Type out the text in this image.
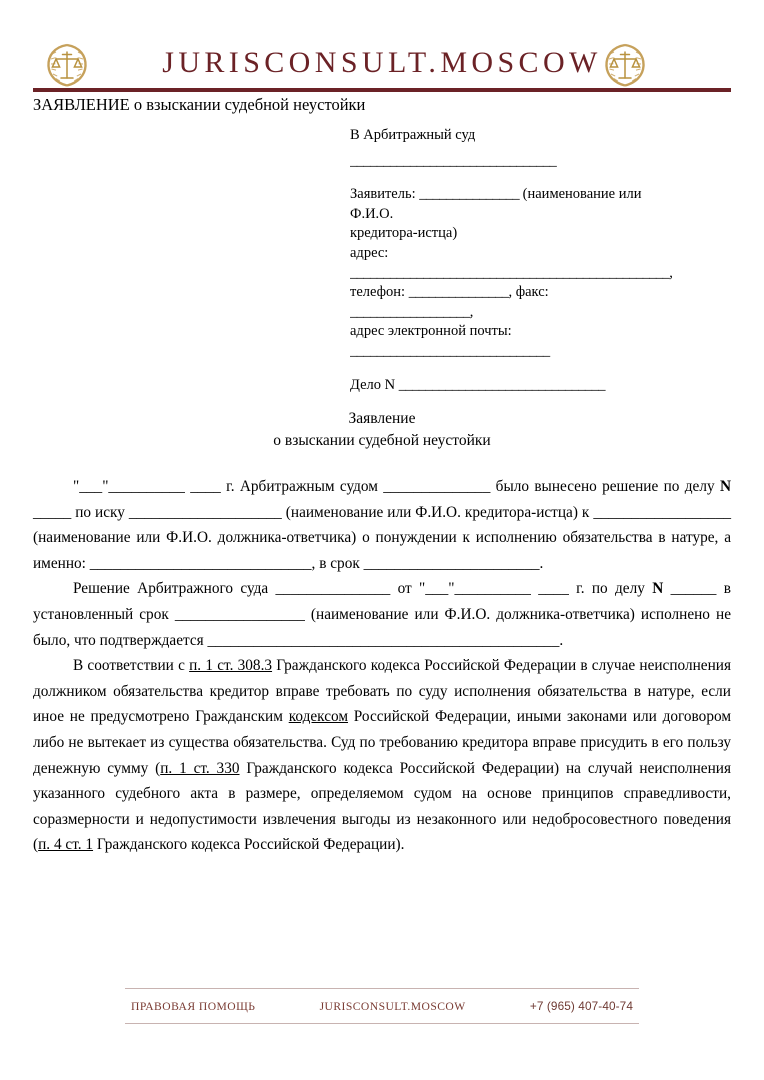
JURISCONSULT.MOSCOW
ЗАЯВЛЕНИЕ о взыскании судебной неустойки
В Арбитражный суд
_______________________________
Заявитель: _______________ (наименование или
Ф.И.О.
кредитора-истца)
адрес:
________________________________________________,
телефон: _______________, факс:
__________________,
адрес электронной почты:
______________________________
Дело N _______________________________
Заявление
о взыскании судебной неустойки

"___"__________ ____ г. Арбитражным судом ______________ было вынесено решение по делу N _____ по иску ____________________ (наименование или Ф.И.О. кредитора-истца) к __________________ (наименование или Ф.И.О. должника-ответчика) о понуждении к исполнению обязательства в натуре, а именно: _____________________________, в срок _______________________.

Решение Арбитражного суда _______________ от "___"__________ ____ г. по делу N ______ в установленный срок _________________ (наименование или Ф.И.О. должника-ответчика) исполнено не было, что подтверждается ______________________________________________.

В соответствии с п. 1 ст. 308.3 Гражданского кодекса Российской Федерации в случае неисполнения должником обязательства кредитор вправе требовать по суду исполнения обязательства в натуре, если иное не предусмотрено Гражданским кодексом Российской Федерации, иными законами или договором либо не вытекает из существа обязательства. Суд по требованию кредитора вправе присудить в его пользу денежную сумму (п. 1 ст. 330 Гражданского кодекса Российской Федерации) на случай неисполнения указанного судебного акта в размере, определяемом судом на основе принципов справедливости, соразмерности и недопустимости извлечения выгоды из незаконного или недобросовестного поведения (п. 4 ст. 1 Гражданского кодекса Российской Федерации).

ПРАВОВАЯ ПОМОЩЬ	JURISCONSULT.MOSCOW	+7 (965) 407-40-74
